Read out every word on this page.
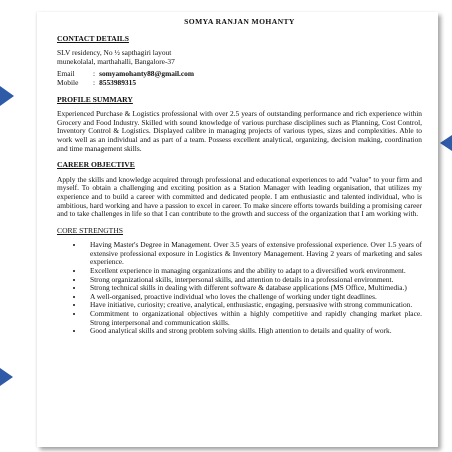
SOMYA RANJAN MOHANTY
CONTACT DETAILS
SLV residency, No ½ sapthagiri layout
munekolalal, marthahalli, Bangalore-37
Email	: somyamohanty88@gmail.com
Mobile	: 8553989315
PROFILE SUMMARY
Experienced Purchase & Logistics professional with over 2.5 years of outstanding performance and rich experience within Grocery and Food Industry. Skilled with sound knowledge of various purchase disciplines such as Planning, Cost Control, Inventory Control & Logistics. Displayed calibre in managing projects of various types, sizes and complexities. Able to work well as an individual and as part of a team. Possess excellent analytical, organizing, decision making, coordination and time management skills.
CAREER OBJECTIVE
Apply the skills and knowledge acquired through professional and educational experiences to add "value" to your firm and myself. To obtain a challenging and exciting position as a Station Manager with leading organisation, that utilizes my experience and to build a career with committed and dedicated people. I am enthusiastic and talented individual, who is ambitious, hard working and have a passion to excel in career. To make sincere efforts towards building a promising career and to take challenges in life so that I can contribute to the growth and success of the organization that I am working with.
CORE STRENGTHS
• Having Master's Degree in Management. Over 3.5 years of extensive professional experience. Over 1.5 years of extensive professional exposure in Logistics & Inventory Management. Having 2 years of marketing and sales experience.
• Excellent experience in managing organizations and the ability to adapt to a diversified work environment.
• Strong organizational skills, interpersonal skills, and attention to details in a professional environment.
• Strong technical skills in dealing with different software & database applications (MS Office, Multimedia.)
• A well-organised, proactive individual who loves the challenge of working under tight deadlines.
• Have initiative, curiosity; creative, analytical, enthusiastic, engaging, persuasive with strong communication.
• Commitment to organizational objectives within a highly competitive and rapidly changing market place. Strong interpersonal and communication skills.
• Good analytical skills and strong problem solving skills. High attention to details and quality of work.
